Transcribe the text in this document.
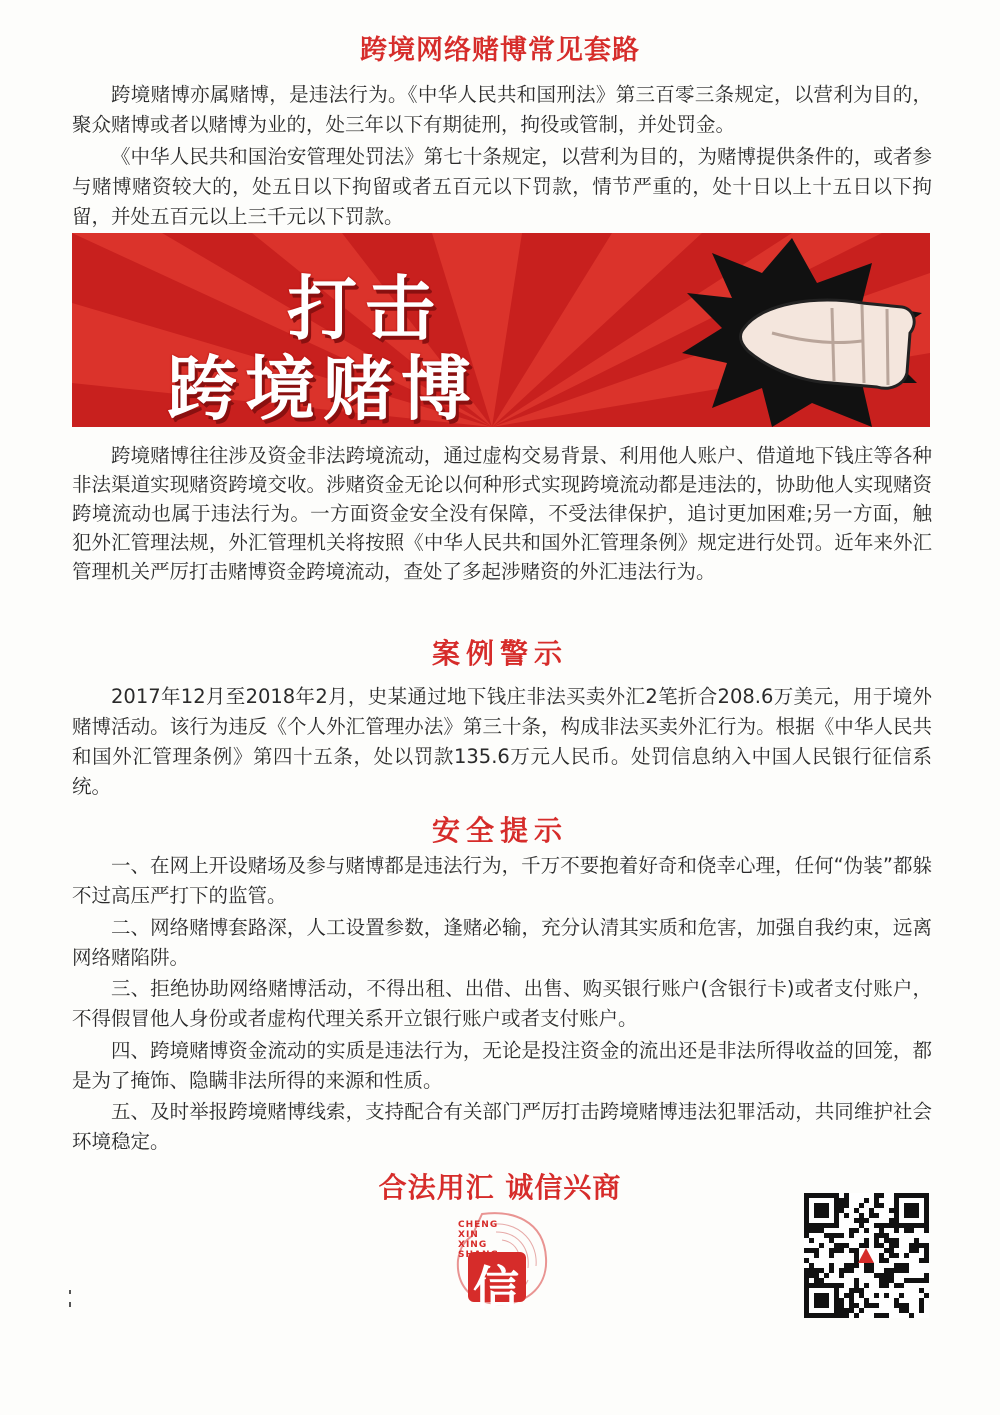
跨境网络赌博常见套路

跨境赌博亦属赌博，是违法行为。《中华人民共和国刑法》第三百零三条规定，以营利为目的，聚众赌博或者以赌博为业的，处三年以下有期徒刑，拘役或管制，并处罚金。

《中华人民共和国治安管理处罚法》第七十条规定，以营利为目的，为赌博提供条件的，或者参与赌博赌资较大的，处五日以下拘留或者五百元以下罚款，情节严重的，处十日以上十五日以下拘留，并处五百元以上三千元以下罚款。

打击
跨境赌博

跨境赌博往往涉及资金非法跨境流动，通过虚构交易背景、利用他人账户、借道地下钱庄等各种非法渠道实现赌资跨境交收。涉赌资金无论以何种形式实现跨境流动都是违法的，协助他人实现赌资跨境流动也属于违法行为。一方面资金安全没有保障，不受法律保护，追讨更加困难;另一方面，触犯外汇管理法规，外汇管理机关将按照《中华人民共和国外汇管理条例》规定进行处罚。近年来外汇管理机关严厉打击赌博资金跨境流动，查处了多起涉赌资的外汇违法行为。

案例警示

2017年12月至2018年2月，史某通过地下钱庄非法买卖外汇2笔折合208.6万美元，用于境外赌博活动。该行为违反《个人外汇管理办法》第三十条，构成非法买卖外汇行为。根据《中华人民共和国外汇管理条例》第四十五条，处以罚款135.6万元人民币。处罚信息纳入中国人民银行征信系统。

安全提示

一、在网上开设赌场及参与赌博都是违法行为，千万不要抱着好奇和侥幸心理，任何“伪装”都躲不过高压严打下的监管。

二、网络赌博套路深，人工设置参数，逢赌必输，充分认清其实质和危害，加强自我约束，远离网络赌陷阱。

三、拒绝协助网络赌博活动，不得出租、出借、出售、购买银行账户(含银行卡)或者支付账户，不得假冒他人身份或者虚构代理关系开立银行账户或者支付账户。

四、跨境赌博资金流动的实质是违法行为，无论是投注资金的流出还是非法所得收益的回笼，都是为了掩饰、隐瞒非法所得的来源和性质。

五、及时举报跨境赌博线索，支持配合有关部门严厉打击跨境赌博违法犯罪活动，共同维护社会环境稳定。

合法用汇 诚信兴商
CHENG
XIN
XING
SHANG
信
